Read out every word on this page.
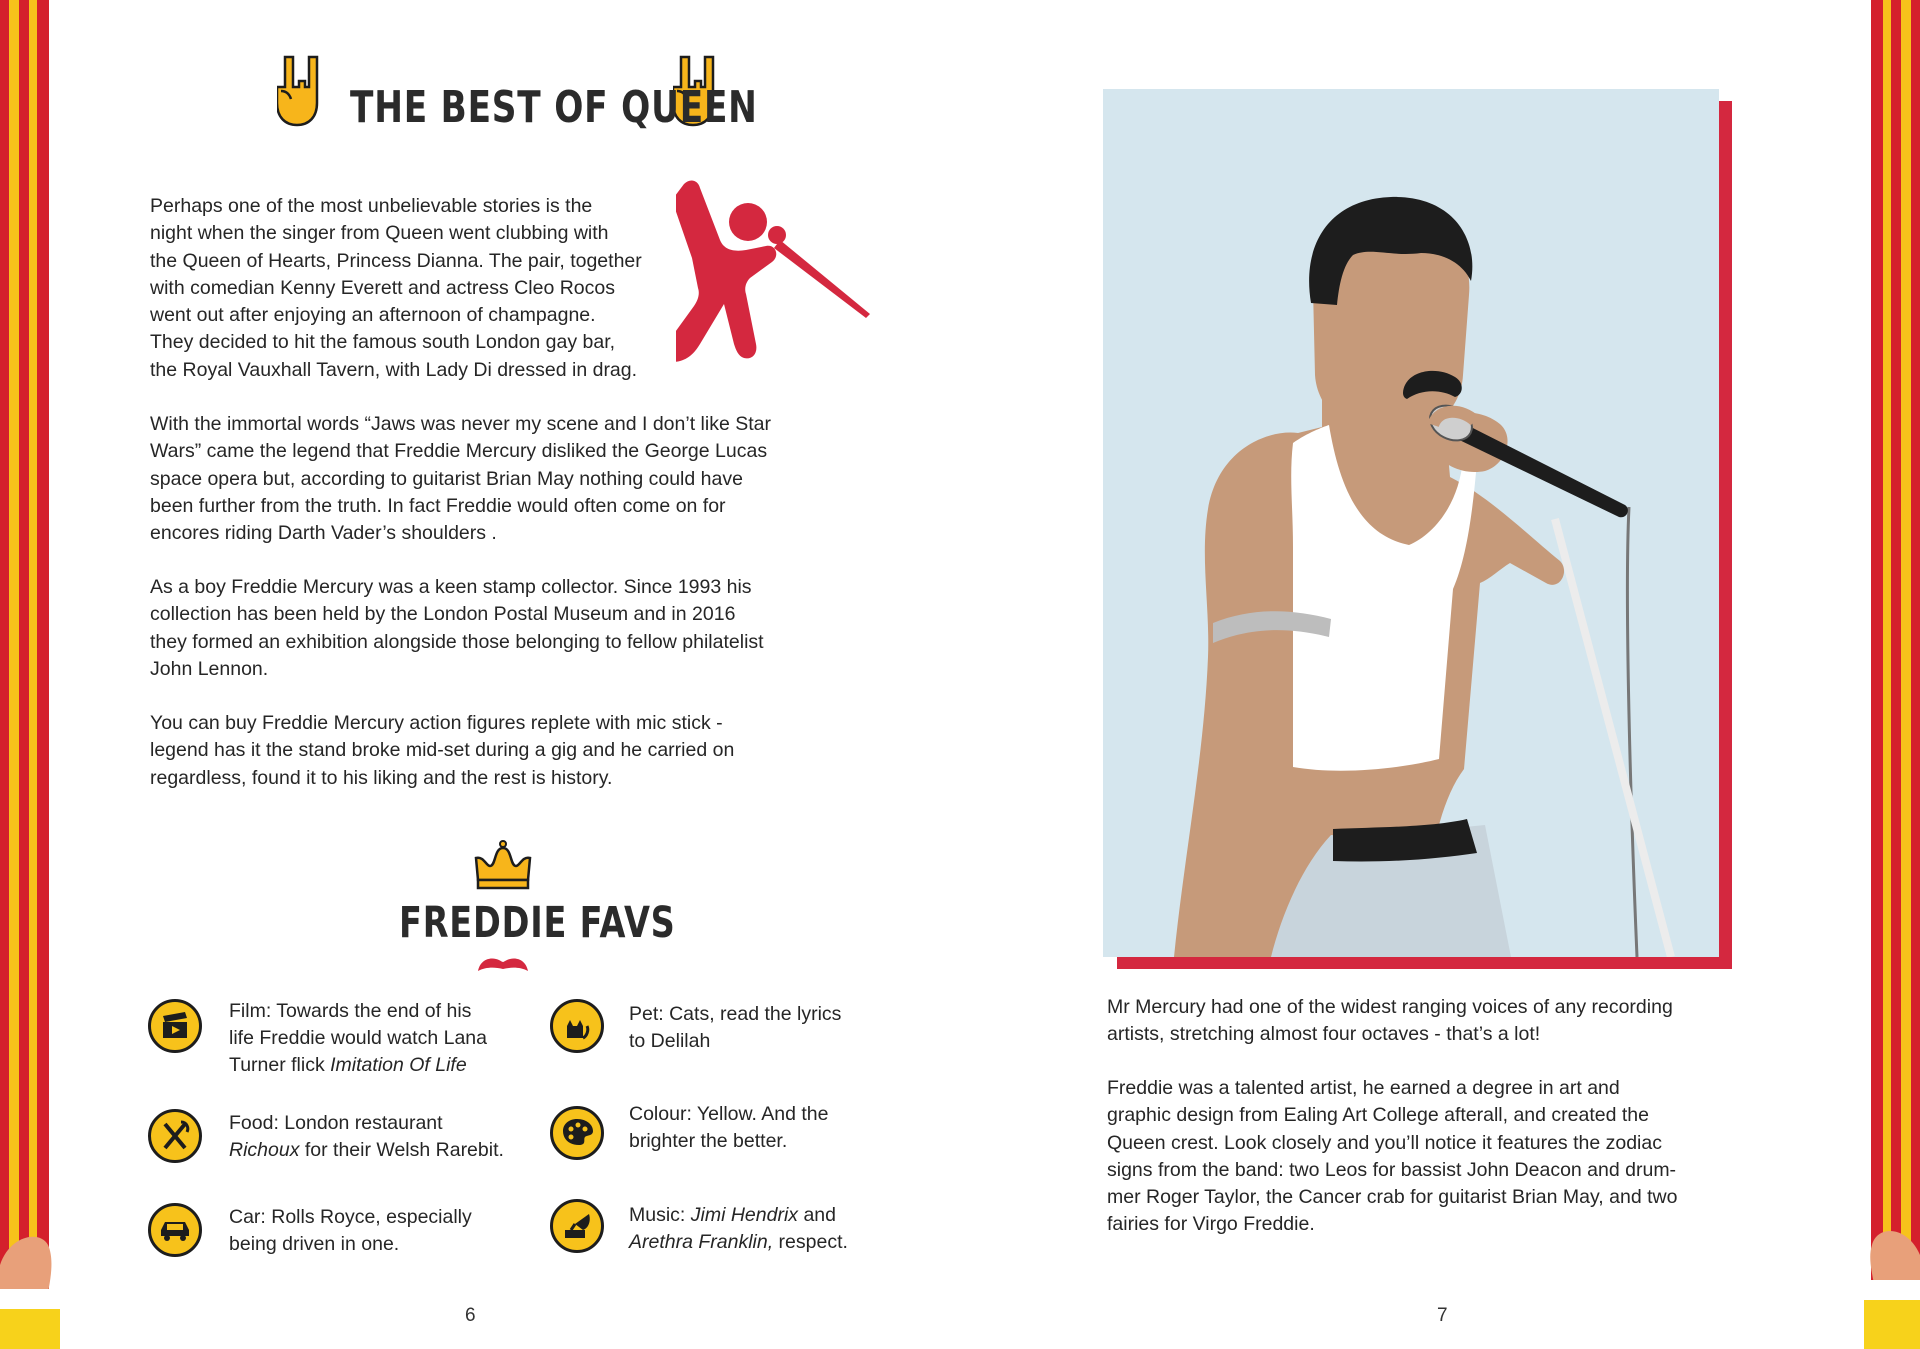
THE BEST OF QUEEN
Perhaps one of the most unbelievable stories is the
night when the singer from Queen went clubbing with
the Queen of Hearts, Princess Dianna. The pair, together
with comedian Kenny Everett and actress Cleo Rocos
went out after enjoying an afternoon of champagne.
They decided to hit the famous south London gay bar,
the Royal Vauxhall Tavern, with Lady Di dressed in drag.
With the immortal words “Jaws was never my scene and I don’t like Star
Wars” came the legend that Freddie Mercury disliked the George Lucas
space opera but, according to guitarist Brian May nothing could have
been further from the truth. In fact Freddie would often come on for
encores riding Darth Vader’s shoulders .
As a boy Freddie Mercury was a keen stamp collector. Since 1993 his
collection has been held by the London Postal Museum and in 2016
they formed an exhibition alongside those belonging to fellow philatelist
John Lennon.
You can buy Freddie Mercury action figures replete with mic stick -
legend has it the stand broke mid-set during a gig and he carried on
regardless, found it to his liking and the rest is history.
FREDDIE FAVS
Film: Towards the end of his
life Freddie would watch Lana
Turner flick Imitation Of Life
Food: London restaurant
Richoux for their Welsh Rarebit.
Car: Rolls Royce, especially
being driven in one.
Pet: Cats, read the lyrics
to Delilah
Colour: Yellow. And the
brighter the better.
Music: Jimi Hendrix and
Arethra Franklin, respect.
6
Mr Mercury had one of the widest ranging voices of any recording
artists, stretching almost four octaves - that’s a lot!
Freddie was a talented artist, he earned a degree in art and
graphic design from Ealing Art College afterall, and created the
Queen crest. Look closely and you’ll notice it features the zodiac
signs from the band: two Leos for bassist John Deacon and drum-
mer Roger Taylor, the Cancer crab for guitarist Brian May, and two
fairies for Virgo Freddie.
7
